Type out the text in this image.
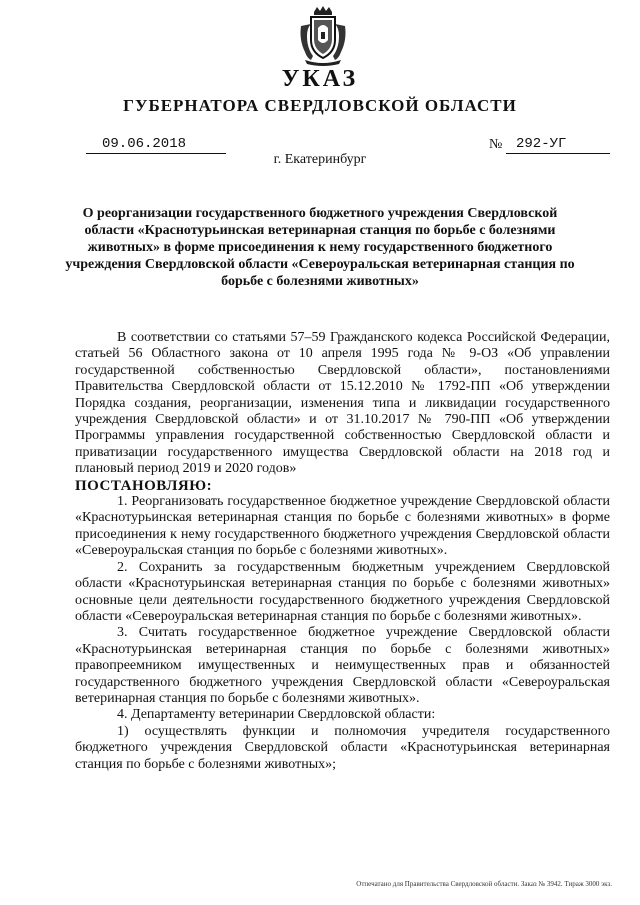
УКАЗ
ГУБЕРНАТОРА СВЕРДЛОВСКОЙ ОБЛАСТИ
09.06.2018	№ 292-УГ
г. Екатеринбург
О реорганизации государственного бюджетного учреждения Свердловской области «Краснотурьинская ветеринарная станция по борьбе с болезнями животных» в форме присоединения к нему государственного бюджетного учреждения Свердловской области «Североуральская ветеринарная станция по борьбе с болезнями животных»

В соответствии со статьями 57–59 Гражданского кодекса Российской Федерации, статьей 56 Областного закона от 10 апреля 1995 года № 9-ОЗ «Об управлении государственной собственностью Свердловской области», постановлениями Правительства Свердловской области от 15.12.2010 № 1792-ПП «Об утверждении Порядка создания, реорганизации, изменения типа и ликвидации государственного учреждения Свердловской области» и от 31.10.2017 № 790-ПП «Об утверждении Программы управления государственной собственностью Свердловской области и приватизации государственного имущества Свердловской области на 2018 год и плановый период 2019 и 2020 годов»

ПОСТАНОВЛЯЮ:

1. Реорганизовать государственное бюджетное учреждение Свердловской области «Краснотурьинская ветеринарная станция по борьбе с болезнями животных» в форме присоединения к нему государственного бюджетного учреждения Свердловской области «Североуральская станция по борьбе с болезнями животных».

2. Сохранить за государственным бюджетным учреждением Свердловской области «Краснотурьинская ветеринарная станция по борьбе с болезнями животных» основные цели деятельности государственного бюджетного учреждения Свердловской области «Североуральская ветеринарная станция по борьбе с болезнями животных».

3. Считать государственное бюджетное учреждение Свердловской области «Краснотурьинская ветеринарная станция по борьбе с болезнями животных» правопреемником имущественных и неимущественных прав и обязанностей государственного бюджетного учреждения Свердловской области «Североуральская ветеринарная станция по борьбе с болезнями животных».

4. Департаменту ветеринарии Свердловской области:

1) осуществлять функции и полномочия учредителя государственного бюджетного учреждения Свердловской области «Краснотурьинская ветеринарная станция по борьбе с болезнями животных»;

Отпечатано для Правительства Свердловской области. Заказ № 3942. Тираж 3000 экз.
